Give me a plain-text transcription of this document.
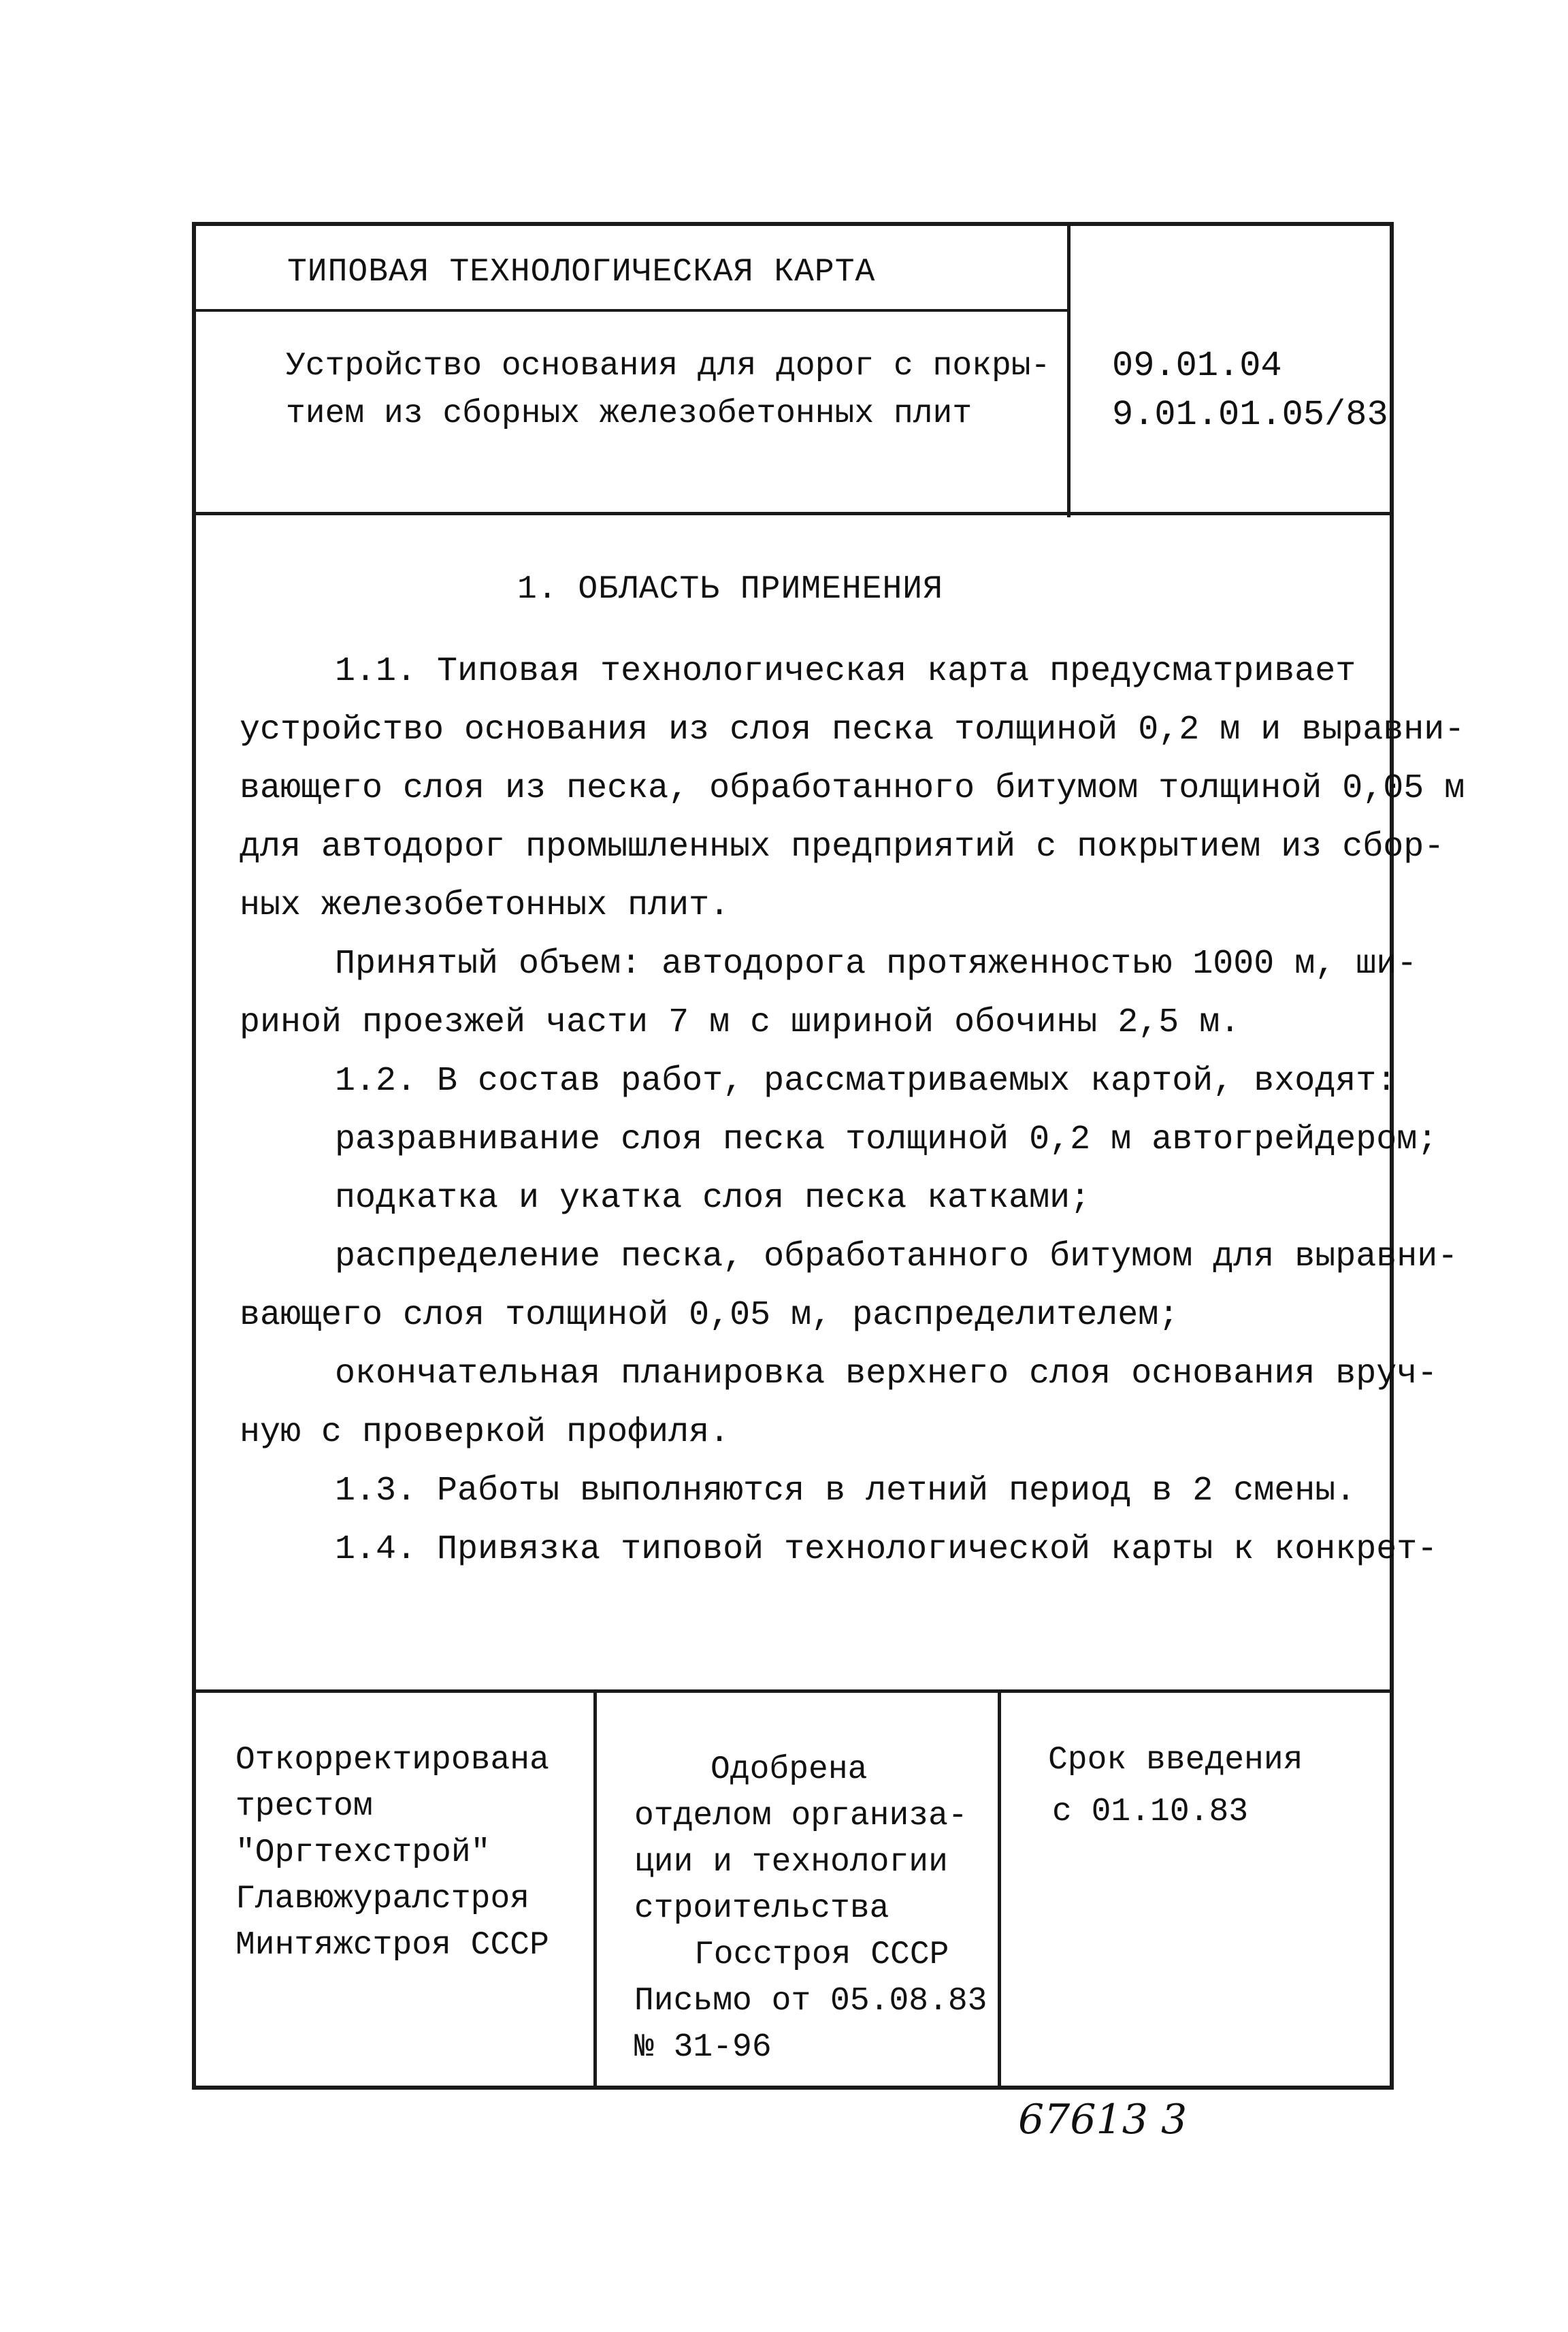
ТИПОВАЯ ТЕХНОЛОГИЧЕСКАЯ КАРТА
Устройство основания для дорог с покры-
тием из сборных железобетонных плит
09.01.04
9.01.01.05/83
1. ОБЛАСТЬ ПРИМЕНЕНИЯ
1.1. Типовая технологическая карта предусматривает
устройство основания из слоя песка толщиной 0,2 м и выравни-
вающего слоя из песка, обработанного битумом толщиной 0,05 м
для автодорог промышленных предприятий с покрытием из сбор-
ных железобетонных плит.
Принятый объем: автодорога протяженностью 1000 м, ши-
риной проезжей части 7 м с шириной обочины 2,5 м.
1.2. В состав работ, рассматриваемых картой, входят:
разравнивание слоя песка толщиной 0,2 м автогрейдером;
подкатка и укатка слоя песка катками;
распределение песка, обработанного битумом для выравни-
вающего слоя толщиной 0,05 м, распределителем;
окончательная планировка верхнего слоя основания вруч-
ную с проверкой профиля.
1.3. Работы выполняются в летний период в 2 смены.
1.4. Привязка типовой технологической карты к конкрет-
Откорректирована
трестом
"Оргтехстрой"
Главюжуралстроя
Минтяжстроя СССР
Одобрена
отделом организа-
ции и технологии
строительства
Госстроя СССР
Письмо от 05.08.83
№ 31-96
Срок введения
с 01.10.83
67613 3
